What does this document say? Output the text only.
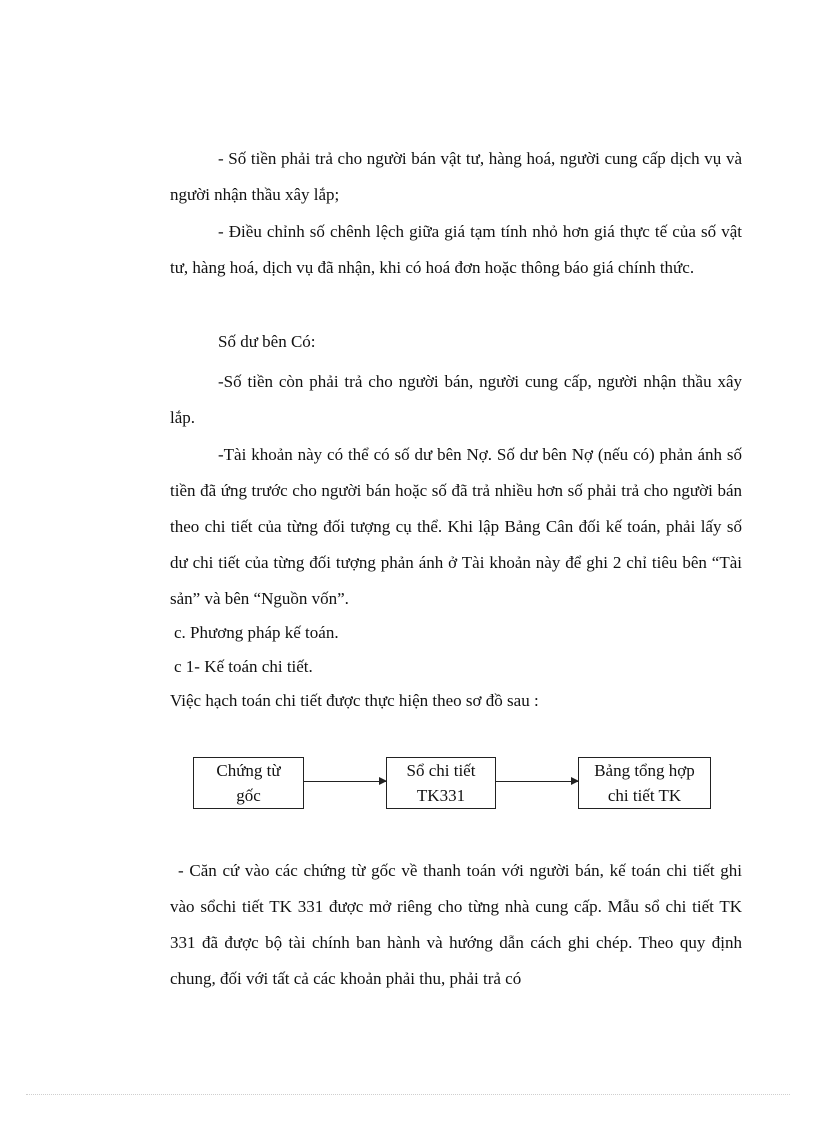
- Số tiền phải trả cho người bán vật tư, hàng hoá, người cung cấp dịch vụ và người nhận thầu xây lắp;

- Điều chỉnh số chênh lệch giữa giá tạm tính nhỏ hơn giá thực tế của số vật tư, hàng hoá, dịch vụ đã nhận, khi có hoá đơn hoặc thông báo giá chính thức.

Số dư bên Có:

-Số tiền còn phải trả cho người bán, người cung cấp, người nhận thầu xây lắp.

-Tài khoản này có thể có số dư bên Nợ. Số dư bên Nợ (nếu có) phản ánh số tiền đã ứng trước cho người bán hoặc số đã trả nhiều hơn số phải trả cho người bán theo chi tiết của từng đối tượng cụ thể. Khi lập Bảng Cân đối kế toán, phải lấy số dư chi tiết của từng đối tượng phản ánh ở Tài khoản này để ghi 2 chỉ tiêu bên “Tài sản” và bên “Nguồn vốn”.

c. Phương pháp kế toán.

c 1- Kế toán chi tiết.

Việc hạch toán chi tiết được thực hiện theo sơ đồ sau :

Chứng từ
gốc
Sổ chi tiết
TK331
Bảng tổng hợp
chi tiết TK

- Căn cứ vào các chứng từ gốc về thanh toán với người bán, kế toán chi tiết ghi vào sổchi tiết TK 331 được mở riêng cho từng nhà cung cấp. Mẫu sổ chi tiết TK 331 đã được bộ tài chính ban hành và hướng dẫn cách ghi chép. Theo quy định chung, đối với tất cả các khoản phải thu, phải trả có
